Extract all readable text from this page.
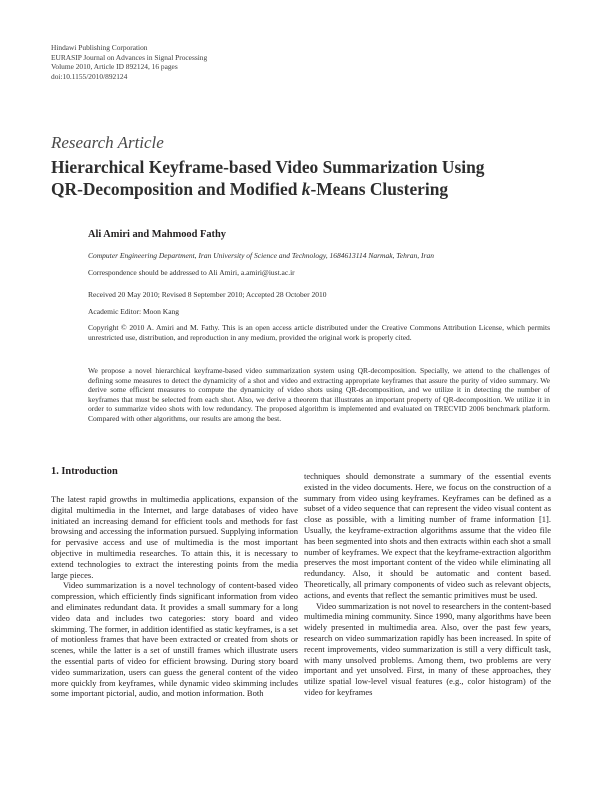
Hindawi Publishing Corporation
EURASIP Journal on Advances in Signal Processing
Volume 2010, Article ID 892124, 16 pages
doi:10.1155/2010/892124
Research Article
Hierarchical Keyframe-based Video Summarization Using
QR-Decomposition and Modified k-Means Clustering
Ali Amiri and Mahmood Fathy
Computer Engineering Department, Iran University of Science and Technology, 1684613114 Narmak, Tehran, Iran
Correspondence should be addressed to Ali Amiri, a.amiri@iust.ac.ir
Received 20 May 2010; Revised 8 September 2010; Accepted 28 October 2010
Academic Editor: Moon Kang
Copyright © 2010 A. Amiri and M. Fathy. This is an open access article distributed under the Creative Commons Attribution License, which permits unrestricted use, distribution, and reproduction in any medium, provided the original work is properly cited.
We propose a novel hierarchical keyframe-based video summarization system using QR-decomposition. Specially, we attend to the challenges of defining some measures to detect the dynamicity of a shot and video and extracting appropriate keyframes that assure the purity of video summary. We derive some efficient measures to compute the dynamicity of video shots using QR-decomposition, and we utilize it in detecting the number of keyframes that must be selected from each shot. Also, we derive a theorem that illustrates an important property of QR-decomposition. We utilize it in order to summarize video shots with low redundancy. The proposed algorithm is implemented and evaluated on TRECVID 2006 benchmark platform. Compared with other algorithms, our results are among the best.
1. Introduction

The latest rapid growths in multimedia applications, expansion of the digital multimedia in the Internet, and large databases of video have initiated an increasing demand for efficient tools and methods for fast browsing and accessing the information pursued. Supplying information for pervasive access and use of multimedia is the most important objective in multimedia researches. To attain this, it is necessary to extend technologies to extract the interesting points from the media large pieces.

Video summarization is a novel technology of content-based video compression, which efficiently finds significant information from video and eliminates redundant data. It provides a small summary for a long video data and includes two categories: story board and video skimming. The former, in addition identified as static keyframes, is a set of motionless frames that have been extracted or created from shots or scenes, while the latter is a set of unstill frames which illustrate users the essential parts of video for efficient browsing. During story board video summarization, users can guess the general content of the video more quickly from keyframes, while dynamic video skimming includes some important pictorial, audio, and motion information. Both

techniques should demonstrate a summary of the essential events existed in the video documents. Here, we focus on the construction of a summary from video using keyframes. Keyframes can be defined as a subset of a video sequence that can represent the video visual content as close as possible, with a limiting number of frame information [1]. Usually, the keyframe-extraction algorithms assume that the video file has been segmented into shots and then extracts within each shot a small number of keyframes. We expect that the keyframe-extraction algorithm preserves the most important content of the video while eliminating all redundancy. Also, it should be automatic and content based. Theoretically, all primary components of video such as relevant objects, actions, and events that reflect the semantic primitives must be used.

Video summarization is not novel to researchers in the content-based multimedia mining community. Since 1990, many algorithms have been widely presented in multimedia area. Also, over the past few years, research on video summarization rapidly has been increased. In spite of recent improvements, video summarization is still a very difficult task, with many unsolved problems. Among them, two problems are very important and yet unsolved. First, in many of these approaches, they utilize spatial low-level visual features (e.g., color histogram) of the video for keyframes
